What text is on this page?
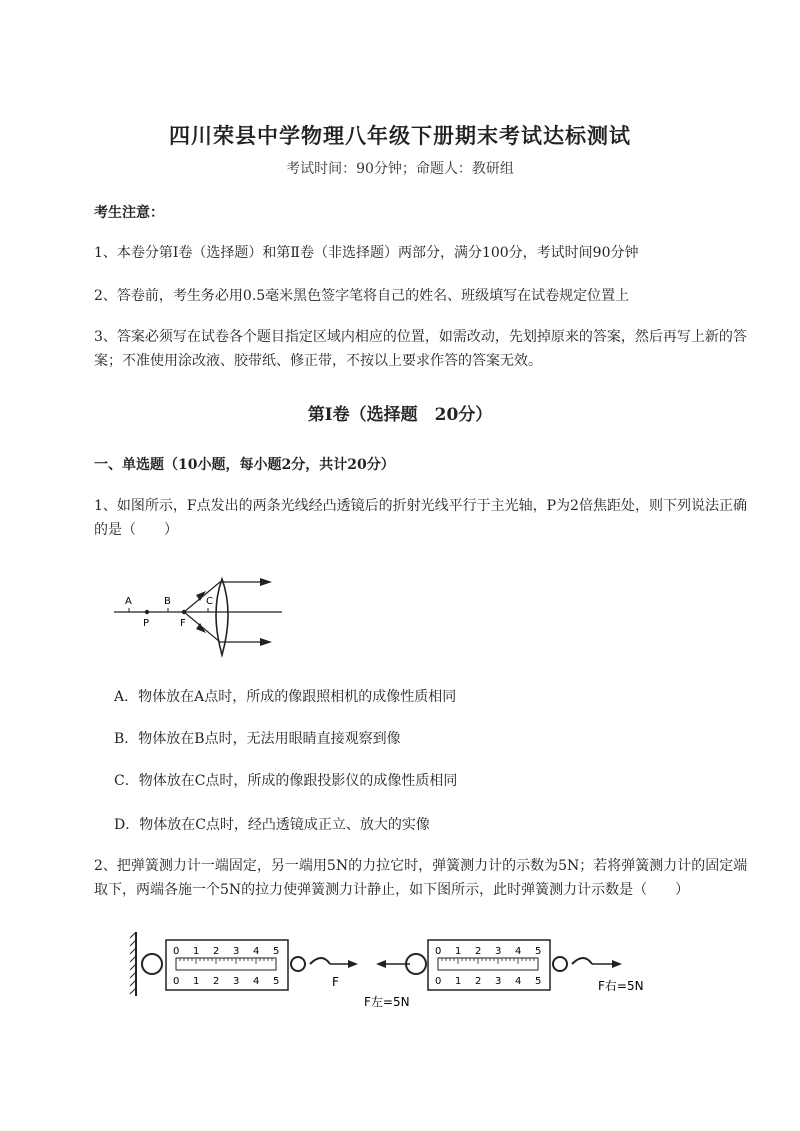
四川荣县中学物理八年级下册期末考试达标测试
考试时间：90分钟；命题人：教研组
考生注意：
1、本卷分第Ⅰ卷（选择题）和第Ⅱ卷（非选择题）两部分，满分100分，考试时间90分钟
2、答卷前，考生务必用0.5毫米黑色签字笔将自己的姓名、班级填写在试卷规定位置上
3、答案必须写在试卷各个题目指定区域内相应的位置，如需改动，先划掉原来的答案，然后再写上新的答案；不准使用涂改液、胶带纸、修正带，不按以上要求作答的答案无效。
第Ⅰ卷（选择题　20分）
一、单选题（10小题，每小题2分，共计20分）
1、如图所示，F点发出的两条光线经凸透镜后的折射光线平行于主光轴，P为2倍焦距处，则下列说法正确的是（　　）
A	B	C
P	F
A．物体放在A点时，所成的像跟照相机的成像性质相同
B．物体放在B点时，无法用眼睛直接观察到像
C．物体放在C点时，所成的像跟投影仪的成像性质相同
D．物体放在C点时，经凸透镜成正立、放大的实像
2、把弹簧测力计一端固定，另一端用5N的力拉它时，弹簧测力计的示数为5N；若将弹簧测力计的固定端取下，两端各施一个5N的拉力使弹簧测力计静止，如下图所示，此时弹簧测力计示数是（　　）
0 1 2 3 4 5
0 1 2 3 4 5	F
0 1 2 3 4 5
0 1 2 3 4 5
F左=5N
F右=5N
